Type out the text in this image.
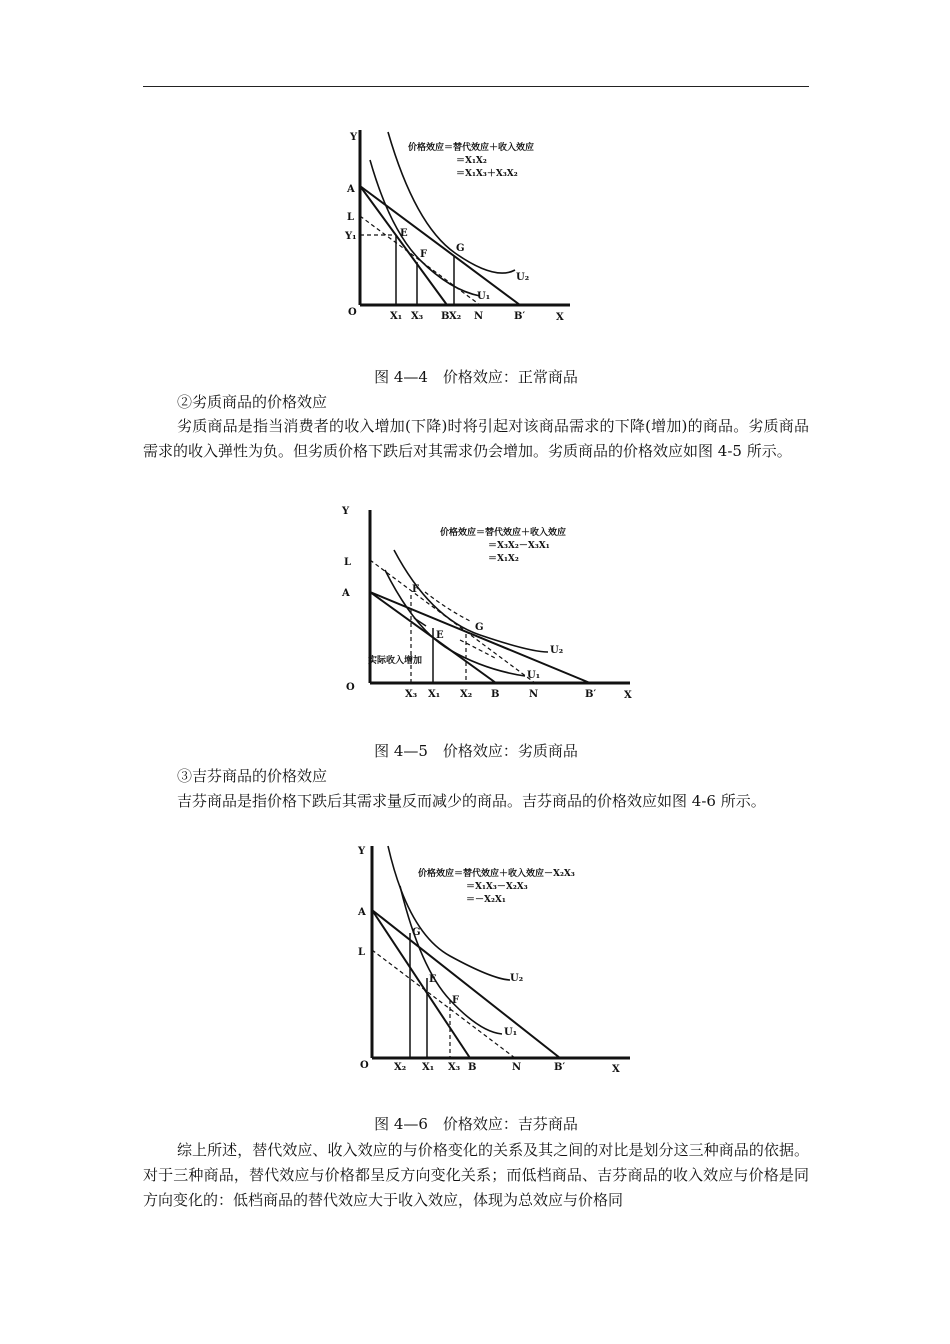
Y
O	X
A
L
Y₁	E
F
G
U₂
U₁
X₁ X₃ B X₂ N	B′
价格效应＝替代效应＋收入效应
＝X₁X₂
＝X₁X₃＋X₃X₂
图 4—4　价格效应：正常商品
②劣质商品的价格效应

劣质商品是指当消费者的收入增加(下降)时将引起对该商品需求的下降(增加)的商品。劣质商品需求的收入弹性为负。但劣质价格下跌后对其需求仍会增加。劣质商品的价格效应如图 4-5 所示。

Y
O
X
L
A	F
E
G
U₂
U₁
实际收入增加
X₃ X₁ X₂ B	N	B′
价格效应＝替代效应＋收入效应
＝X₃X₂－X₃X₁
＝X₁X₂
图 4—5　价格效应：劣质商品
③吉芬商品的价格效应

吉芬商品是指价格下跌后其需求量反而减少的商品。吉芬商品的价格效应如图 4-6 所示。

Y
O	X
A
L
G
E
F
U₂
U₁
X₂ X₁ X₃ B	N	B′
价格效应＝替代效应＋收入效应－X₂X₃
＝X₁X₃－X₂X₃
＝－X₂X₁
图 4—6　价格效应：吉芬商品

综上所述，替代效应、收入效应的与价格变化的关系及其之间的对比是划分这三种商品的依据。对于三种商品，替代效应与价格都呈反方向变化关系；而低档商品、吉芬商品的收入效应与价格是同方向变化的：低档商品的替代效应大于收入效应，体现为总效应与价格同
